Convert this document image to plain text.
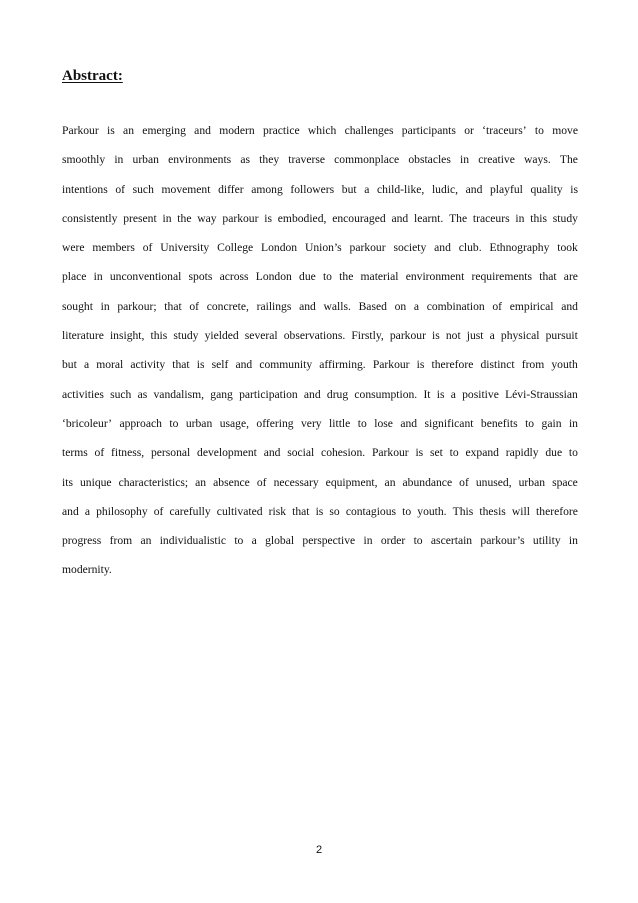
Abstract:
Parkour is an emerging and modern practice which challenges participants or ‘traceurs’ to move
smoothly in urban environments as they traverse commonplace obstacles in creative ways. The
intentions of such movement differ among followers but a child-like, ludic, and playful quality is
consistently present in the way parkour is embodied, encouraged and learnt. The traceurs in this study
were members of University College London Union’s parkour society and club. Ethnography took
place in unconventional spots across London due to the material environment requirements that are
sought in parkour; that of concrete, railings and walls. Based on a combination of empirical and
literature insight, this study yielded several observations. Firstly, parkour is not just a physical pursuit
but a moral activity that is self and community affirming. Parkour is therefore distinct from youth
activities such as vandalism, gang participation and drug consumption. It is a positive Lévi-Straussian
‘bricoleur’ approach to urban usage, offering very little to lose and significant benefits to gain in
terms of fitness, personal development and social cohesion. Parkour is set to expand rapidly due to
its unique characteristics; an absence of necessary equipment, an abundance of unused, urban space
and a philosophy of carefully cultivated risk that is so contagious to youth. This thesis will therefore
progress from an individualistic to a global perspective in order to ascertain parkour’s utility in
modernity.
2
